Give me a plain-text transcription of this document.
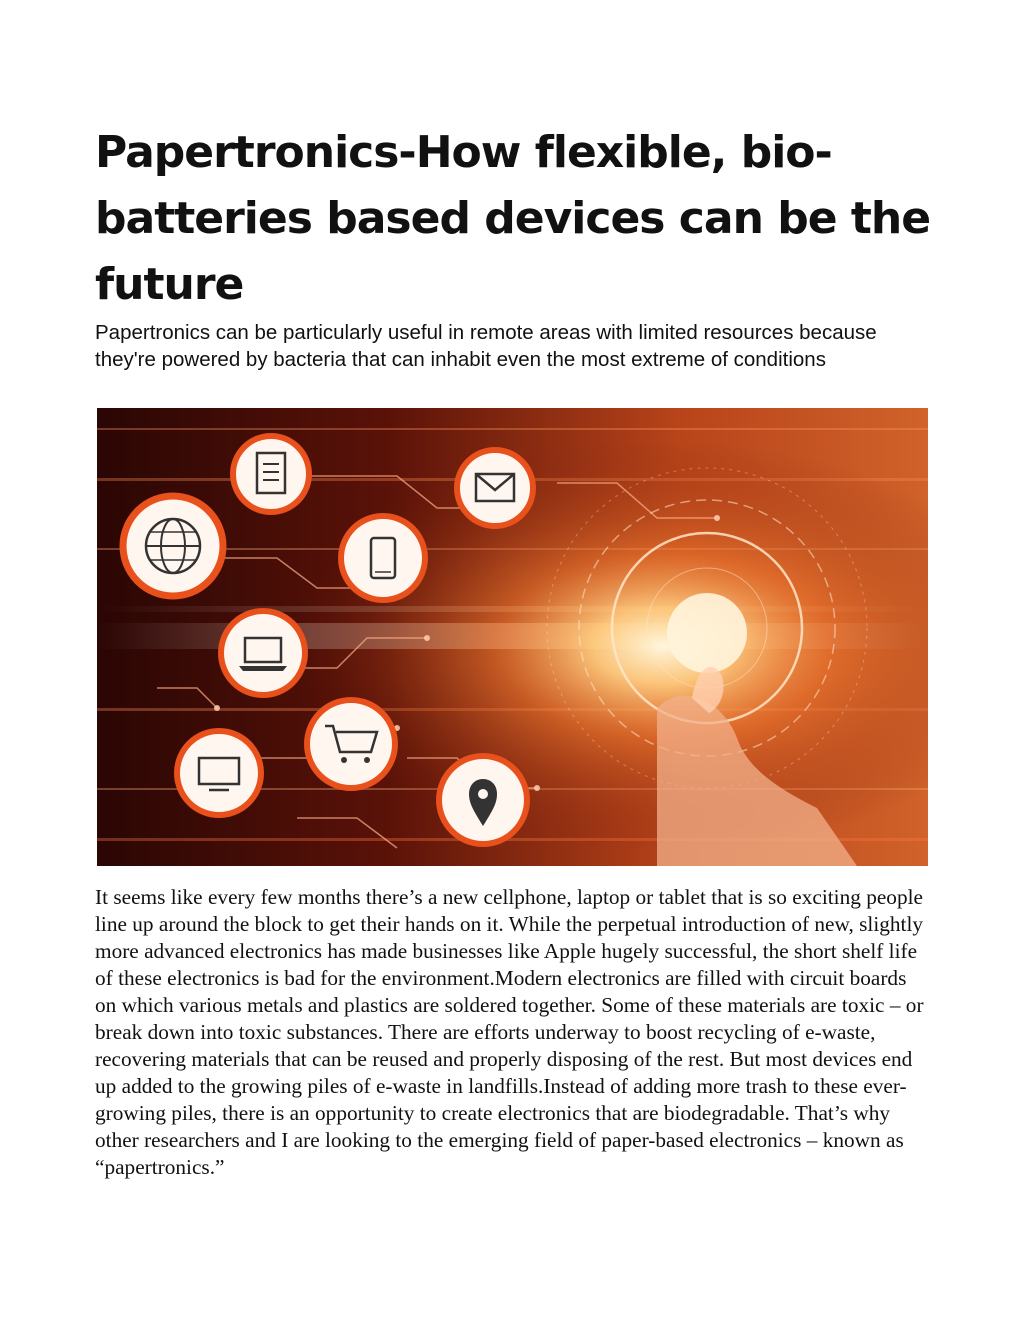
Papertronics-How flexible, bio-batteries based devices can be the future

Papertronics can be particularly useful in remote areas with limited resources because they're powered by bacteria that can inhabit even the most extreme of conditions

It seems like every few months there’s a new cellphone, laptop or tablet that is so exciting people line up around the block to get their hands on it. While the perpetual introduction of new, slightly more advanced electronics has made businesses like Apple hugely successful, the short shelf life of these electronics is bad for the environment.Modern electronics are filled with circuit boards on which various metals and plastics are soldered together. Some of these materials are toxic – or break down into toxic substances. There are efforts underway to boost recycling of e-waste, recovering materials that can be reused and properly disposing of the rest. But most devices end up added to the growing piles of e-waste in landfills.Instead of adding more trash to these ever-growing piles, there is an opportunity to create electronics that are biodegradable. That’s why other researchers and I are looking to the emerging field of paper-based electronics – known as “papertronics.”
